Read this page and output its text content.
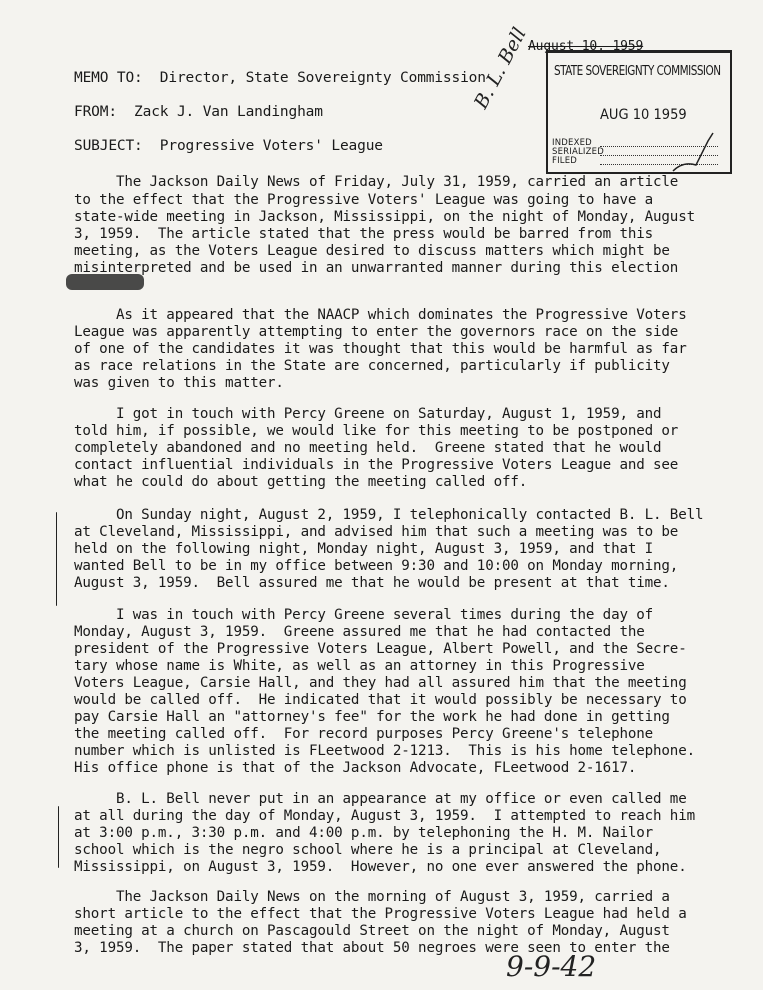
August 10, 1959
MEMO TO:  Director, State Sovereignty Commission
FROM:  Zack J. Van Landingham
SUBJECT:  Progressive Voters' League
B. L. Bell STATE SOVEREIGNTY COMMISSION
AUG 10 1959
INDEXED
SERIALIZED
FILED
The Jackson Daily News of Friday, July 31, 1959, carried an article
to the effect that the Progressive Voters' League was going to have a
state-wide meeting in Jackson, Mississippi, on the night of Monday, August
3, 1959.  The article stated that the press would be barred from this
meeting, as the Voters League desired to discuss matters which might be
misinterpreted and be used in an unwarranted manner during this election
As it appeared that the NAACP which dominates the Progressive Voters
League was apparently attempting to enter the governors race on the side
of one of the candidates it was thought that this would be harmful as far
as race relations in the State are concerned, particularly if publicity
was given to this matter.
I got in touch with Percy Greene on Saturday, August 1, 1959, and
told him, if possible, we would like for this meeting to be postponed or
completely abandoned and no meeting held.  Greene stated that he would
contact influential individuals in the Progressive Voters League and see
what he could do about getting the meeting called off.
On Sunday night, August 2, 1959, I telephonically contacted B. L. Bell
at Cleveland, Mississippi, and advised him that such a meeting was to be
held on the following night, Monday night, August 3, 1959, and that I
wanted Bell to be in my office between 9:30 and 10:00 on Monday morning,
August 3, 1959.  Bell assured me that he would be present at that time.
I was in touch with Percy Greene several times during the day of
Monday, August 3, 1959.  Greene assured me that he had contacted the
president of the Progressive Voters League, Albert Powell, and the Secre-
tary whose name is White, as well as an attorney in this Progressive
Voters League, Carsie Hall, and they had all assured him that the meeting
would be called off.  He indicated that it would possibly be necessary to
pay Carsie Hall an "attorney's fee" for the work he had done in getting
the meeting called off.  For record purposes Percy Greene's telephone
number which is unlisted is FLeetwood 2-1213.  This is his home telephone.
His office phone is that of the Jackson Advocate, FLeetwood 2-1617.
B. L. Bell never put in an appearance at my office or even called me
at all during the day of Monday, August 3, 1959.  I attempted to reach him
at 3:00 p.m., 3:30 p.m. and 4:00 p.m. by telephoning the H. M. Nailor
school which is the negro school where he is a principal at Cleveland,
Mississippi, on August 3, 1959.  However, no one ever answered the phone.
The Jackson Daily News on the morning of August 3, 1959, carried a
short article to the effect that the Progressive Voters League had held a
meeting at a church on Pascagould Street on the night of Monday, August
3, 1959.  The paper stated that about 50 negroes were seen to enter the
9-9-42
